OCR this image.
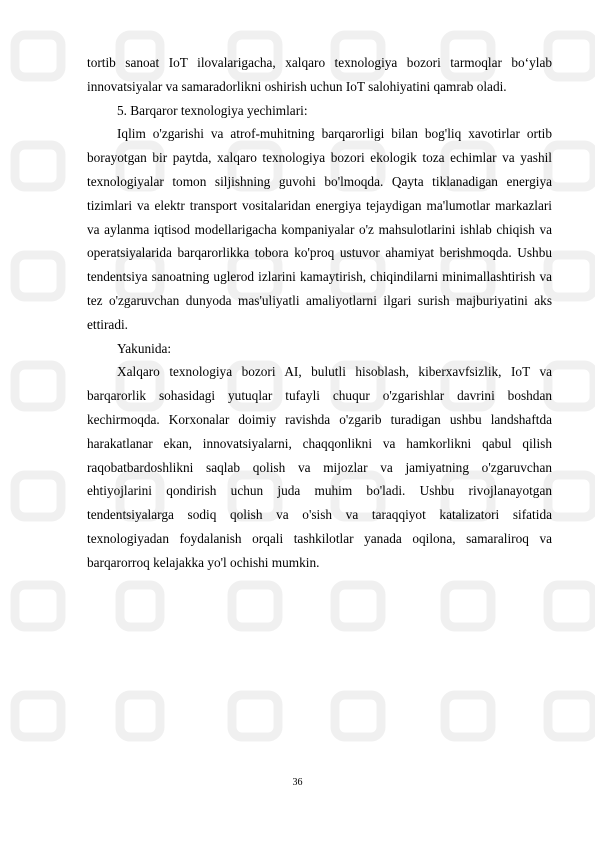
tortib sanoat IoT ilovalarigacha, xalqaro texnologiya bozori tarmoqlar bo‘ylab innovatsiyalar va samaradorlikni oshirish uchun IoT salohiyatini qamrab oladi.

5. Barqaror texnologiya yechimlari:

Iqlim o'zgarishi va atrof-muhitning barqarorligi bilan bog'liq xavotirlar ortib borayotgan bir paytda, xalqaro texnologiya bozori ekologik toza echimlar va yashil texnologiyalar tomon siljishning guvohi bo'lmoqda. Qayta tiklanadigan energiya tizimlari va elektr transport vositalaridan energiya tejaydigan ma'lumotlar markazlari va aylanma iqtisod modellarigacha kompaniyalar o'z mahsulotlarini ishlab chiqish va operatsiyalarida barqarorlikka tobora ko'proq ustuvor ahamiyat berishmoqda. Ushbu tendentsiya sanoatning uglerod izlarini kamaytirish, chiqindilarni minimallashtirish va tez o'zgaruvchan dunyoda mas'uliyatli amaliyotlarni ilgari surish majburiyatini aks ettiradi.

Yakunida:

Xalqaro texnologiya bozori AI, bulutli hisoblash, kiberxavfsizlik, IoT va barqarorlik sohasidagi yutuqlar tufayli chuqur o'zgarishlar davrini boshdan kechirmoqda. Korxonalar doimiy ravishda o'zgarib turadigan ushbu landshaftda harakatlanar ekan, innovatsiyalarni, chaqqonlikni va hamkorlikni qabul qilish raqobatbardoshlikni saqlab qolish va mijozlar va jamiyatning o'zgaruvchan ehtiyojlarini qondirish uchun juda muhim bo'ladi. Ushbu rivojlanayotgan tendentsiyalarga sodiq qolish va o'sish va taraqqiyot katalizatori sifatida texnologiyadan foydalanish orqali tashkilotlar yanada oqilona, samaraliroq va barqarorroq kelajakka yo'l ochishi mumkin.

36
